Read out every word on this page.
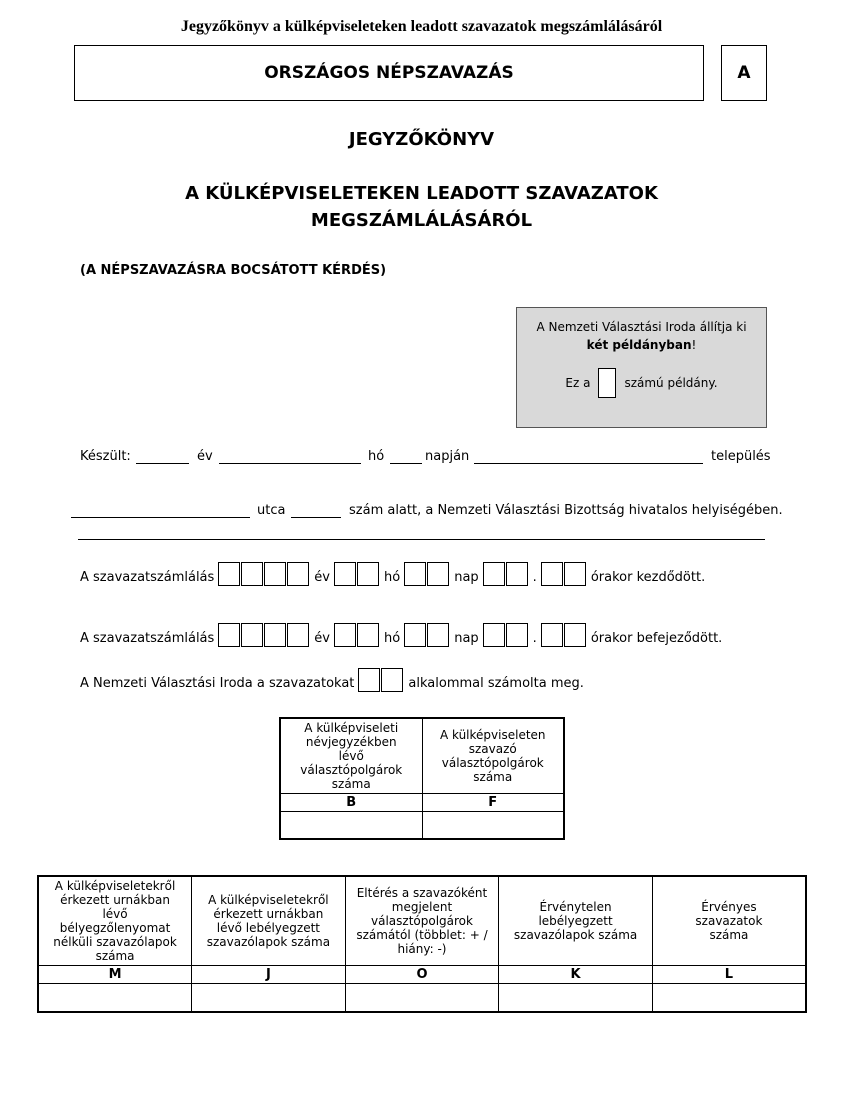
Jegyzőkönyv a külképviseleteken leadott szavazatok megszámlálásáról
ORSZÁGOS NÉPSZAVAZÁS	A
JEGYZŐKÖNYV
A KÜLKÉPVISELETEKEN LEADOTT SZAVAZATOK
MEGSZÁMLÁLÁSÁRÓL
(A NÉPSZAVAZÁSRA BOCSÁTOTT KÉRDÉS)
A Nemzeti Választási Iroda állítja ki
két példányban!
Ez a	számú példány.
Készült:	év	hó	napján	település
utca	szám alatt, a Nemzeti Választási Bizottság hivatalos helyiségében.
A szavazatszámlálás	év	hó	nap	.	órakor kezdődött.
A szavazatszámlálás	év	hó	nap	.	órakor befejeződött.
A Nemzeti Választási Iroda a szavazatokat	alkalommal számolta meg.
A külképviseleti névjegyzékben lévő választópolgárok száma	A külképviseleten szavazó választópolgárok száma
B	F

A külképviseletekről érkezett urnákban lévő bélyegzőlenyomat nélküli szavazólapok száma	A külképviseletekről érkezett urnákban lévő lebélyegzett szavazólapok száma	Eltérés a szavazóként megjelent választópolgárok számától (többlet: + / hiány: -)	Érvénytelen lebélyegzett szavazólapok száma	Érvényes szavazatok száma
M	J	O	K	L
